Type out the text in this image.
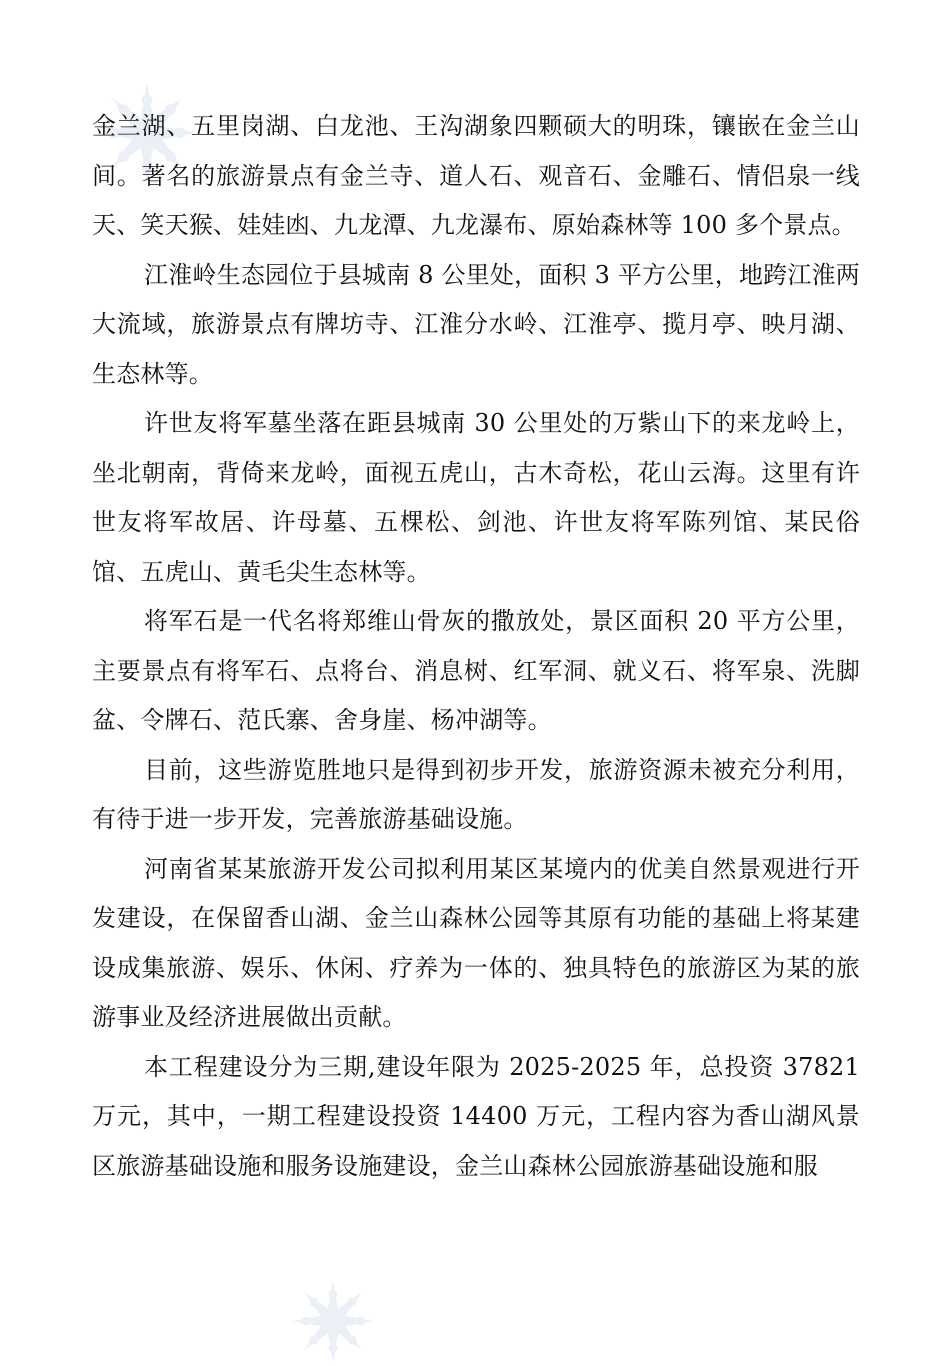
金兰湖、五里岗湖、白龙池、王沟湖象四颗硕大的明珠，镶嵌在金兰山间。著名的旅游景点有金兰寺、道人石、观音石、金雕石、情侣泉一线天、笑天猴、娃娃凼、九龙潭、九龙瀑布、原始森林等 100 多个景点。

江淮岭生态园位于县城南 8 公里处，面积 3 平方公里，地跨江淮两大流域，旅游景点有牌坊寺、江淮分水岭、江淮亭、揽月亭、映月湖、生态林等。

许世友将军墓坐落在距县城南 30 公里处的万紫山下的来龙岭上，坐北朝南，背倚来龙岭，面视五虎山，古木奇松，花山云海。这里有许世友将军故居、许母墓、五棵松、剑池、许世友将军陈列馆、某民俗馆、五虎山、黄毛尖生态林等。

将军石是一代名将郑维山骨灰的撒放处，景区面积 20 平方公里，主要景点有将军石、点将台、消息树、红军洞、就义石、将军泉、洗脚盆、令牌石、范氏寨、舍身崖、杨冲湖等。

目前，这些游览胜地只是得到初步开发，旅游资源未被充分利用，有待于进一步开发，完善旅游基础设施。

河南省某某旅游开发公司拟利用某区某境内的优美自然景观进行开发建设，在保留香山湖、金兰山森林公园等其原有功能的基础上将某建设成集旅游、娱乐、休闲、疗养为一体的、独具特色的旅游区为某的旅游事业及经济进展做出贡献。

本工程建设分为三期,建设年限为 2025-2025 年，总投资 37821 万元，其中，一期工程建设投资 14400 万元，工程内容为香山湖风景区旅游基础设施和服务设施建设，金兰山森林公园旅游基础设施和服
